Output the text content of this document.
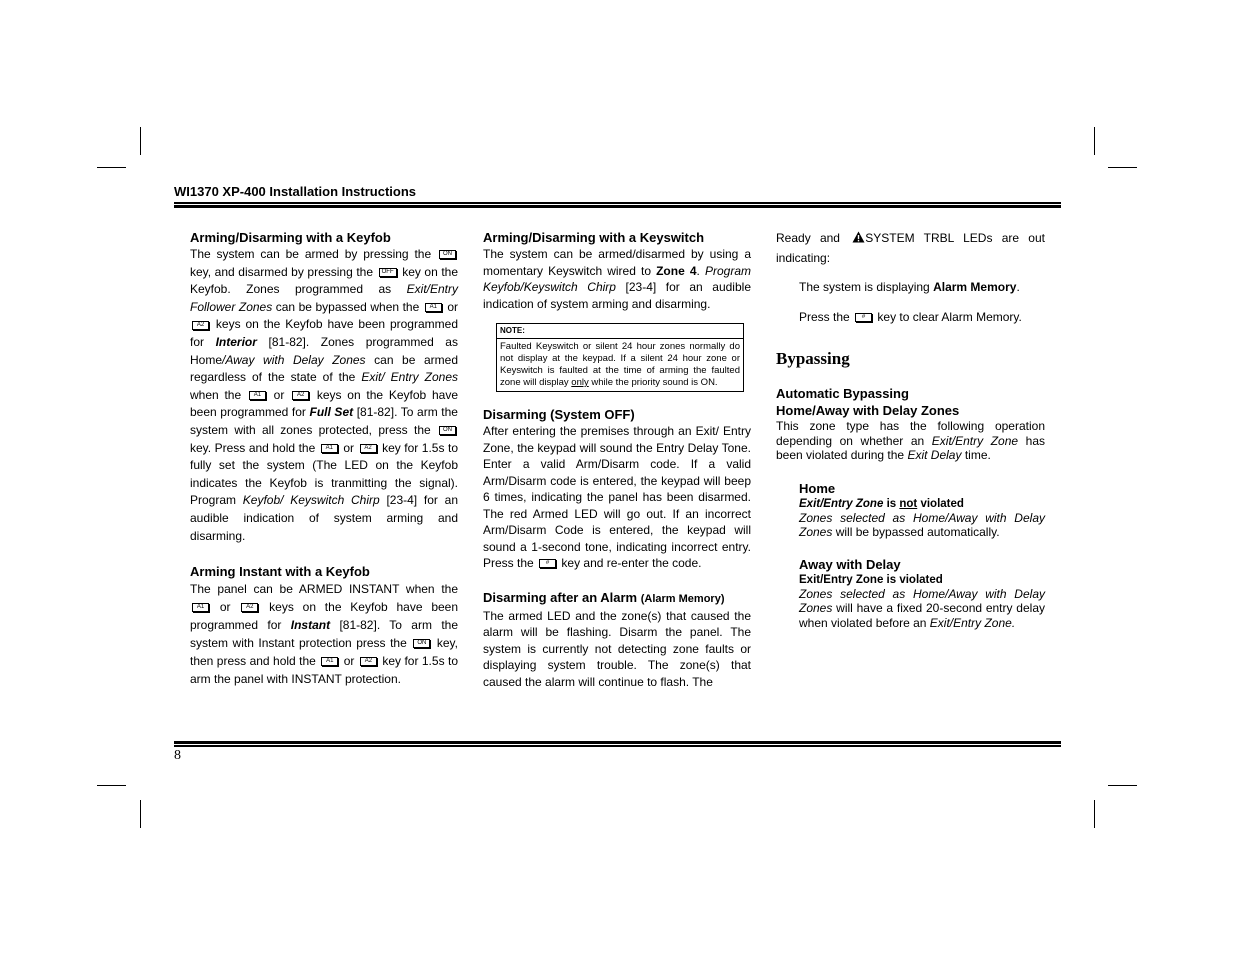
WI1370 XP-400 Installation Instructions
8
Arming/Disarming with a Keyfob

The system can be armed by pressing the ON key, and disarmed by pressing the OFF key on the Keyfob. Zones programmed as Exit/Entry Follower Zones can be bypassed when the A1 or A2 keys on the Keyfob have been programmed for Interior [81-82]. Zones programmed as Home/Away with Delay Zones can be armed regardless of the state of the Exit/ Entry Zones when the A1 or A2 keys on the Keyfob have been programmed for Full Set [81-82]. To arm the system with all zones protected, press the ON key. Press and hold the A1 or A2 key for 1.5s to fully set the system (The LED on the Keyfob indicates the Keyfob is tranmitting the signal). Program Keyfob/ Keyswitch Chirp [23-4] for an audible indication of system arming and disarming.

Arming Instant with a Keyfob

The panel can be ARMED INSTANT when the A1 or	A2 keys on the Keyfob have been programmed for Instant [81-82]. To arm the system with Instant protection press the ON key, then press and hold the A1 or A2 key for 1.5s to arm the panel with INSTANT protection.

Arming/Disarming with a Keyswitch

The system can be armed/disarmed by using a momentary Keyswitch wired to Zone 4. Program Keyfob/Keyswitch Chirp [23-4] for an audible indication of system arming and disarming.

NOTE:
Faulted Keyswitch or silent 24 hour zones normally do not display at the keypad. If a silent 24 hour zone or Keyswitch is faulted at the time of arming the faulted zone will display only while the priority sound is ON.
Disarming (System OFF)

After entering the premises through an Exit/ Entry Zone, the keypad will sound the Entry Delay Tone. Enter a valid Arm/Disarm code. If a valid Arm/Disarm code is entered, the keypad will beep 6 times, indicating the panel has been disarmed. The red Armed LED will go out. If an incorrect Arm/Disarm Code is entered, the keypad will sound a 1-second tone, indicating incorrect entry. Press the # key and re-enter the code.

Disarming after an Alarm (Alarm Memory)

The armed LED and the zone(s) that caused the alarm will be flashing. Disarm the panel. The system is currently not detecting zone faults or displaying system trouble. The zone(s) that caused the alarm will continue to flash. The

Ready and SYSTEM TRBL LEDs are out indicating:

The system is displaying Alarm Memory.

Press the # key to clear Alarm Memory.

Bypassing
Automatic Bypassing
Home/Away with Delay Zones

This zone type has the following operation depending on whether an Exit/Entry Zone has been violated during the Exit Delay time.

Home
Exit/Entry Zone is not violated

Zones selected as Home/Away with Delay Zones will be bypassed automatically.

Away with Delay
Exit/Entry Zone is violated

Zones selected as Home/Away with Delay Zones will have a fixed 20-second entry delay when violated before an Exit/Entry Zone.
